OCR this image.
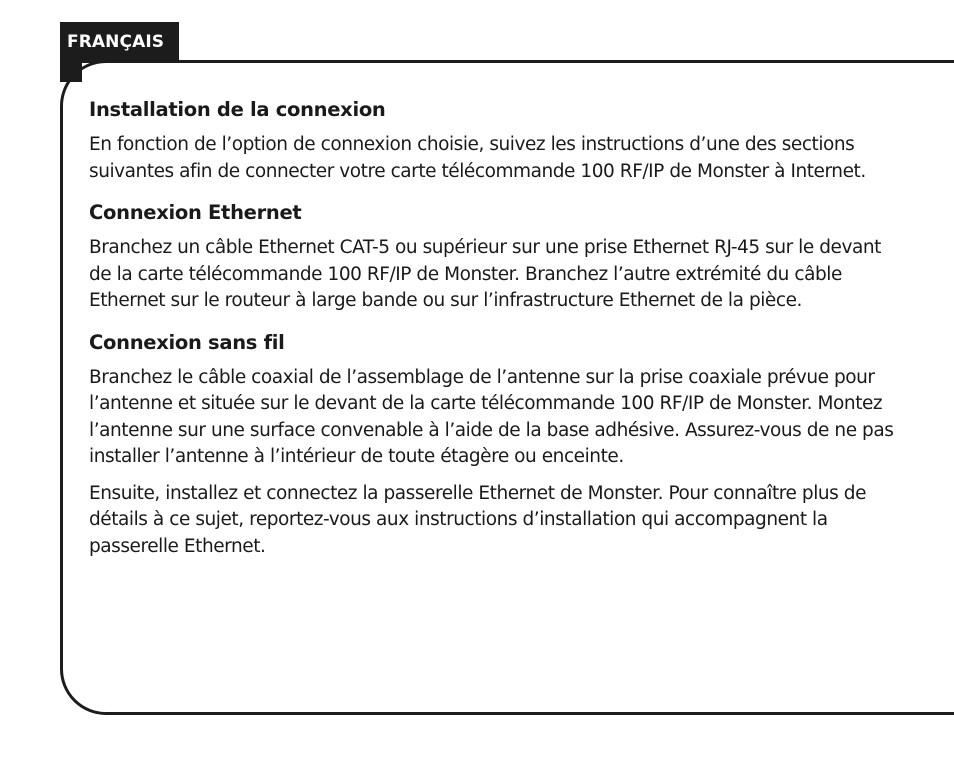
FRANÇAIS
Installation de la connexion

En fonction de l’option de connexion choisie, suivez les instructions d’une des sections suivantes afin de connecter votre carte télécommande 100 RF/IP de Monster à Internet.

Connexion Ethernet

Branchez un câble Ethernet CAT-5 ou supérieur sur une prise Ethernet RJ-45 sur le devant de la carte télécommande 100 RF/IP de Monster. Branchez l’autre extrémité du câble Ethernet sur le routeur à large bande ou sur l’infrastructure Ethernet de la pièce.

Connexion sans fil

Branchez le câble coaxial de l’assemblage de l’antenne sur la prise coaxiale prévue pour l’antenne et située sur le devant de la carte télécommande 100 RF/IP de Monster. Montez l’antenne sur une surface convenable à l’aide de la base adhésive. Assurez-vous de ne pas installer l’antenne à l’intérieur de toute étagère ou enceinte.

Ensuite, installez et connectez la passerelle Ethernet de Monster. Pour connaître plus de détails à ce sujet, reportez-vous aux instructions d’installation qui accompagnent la passerelle Ethernet.
